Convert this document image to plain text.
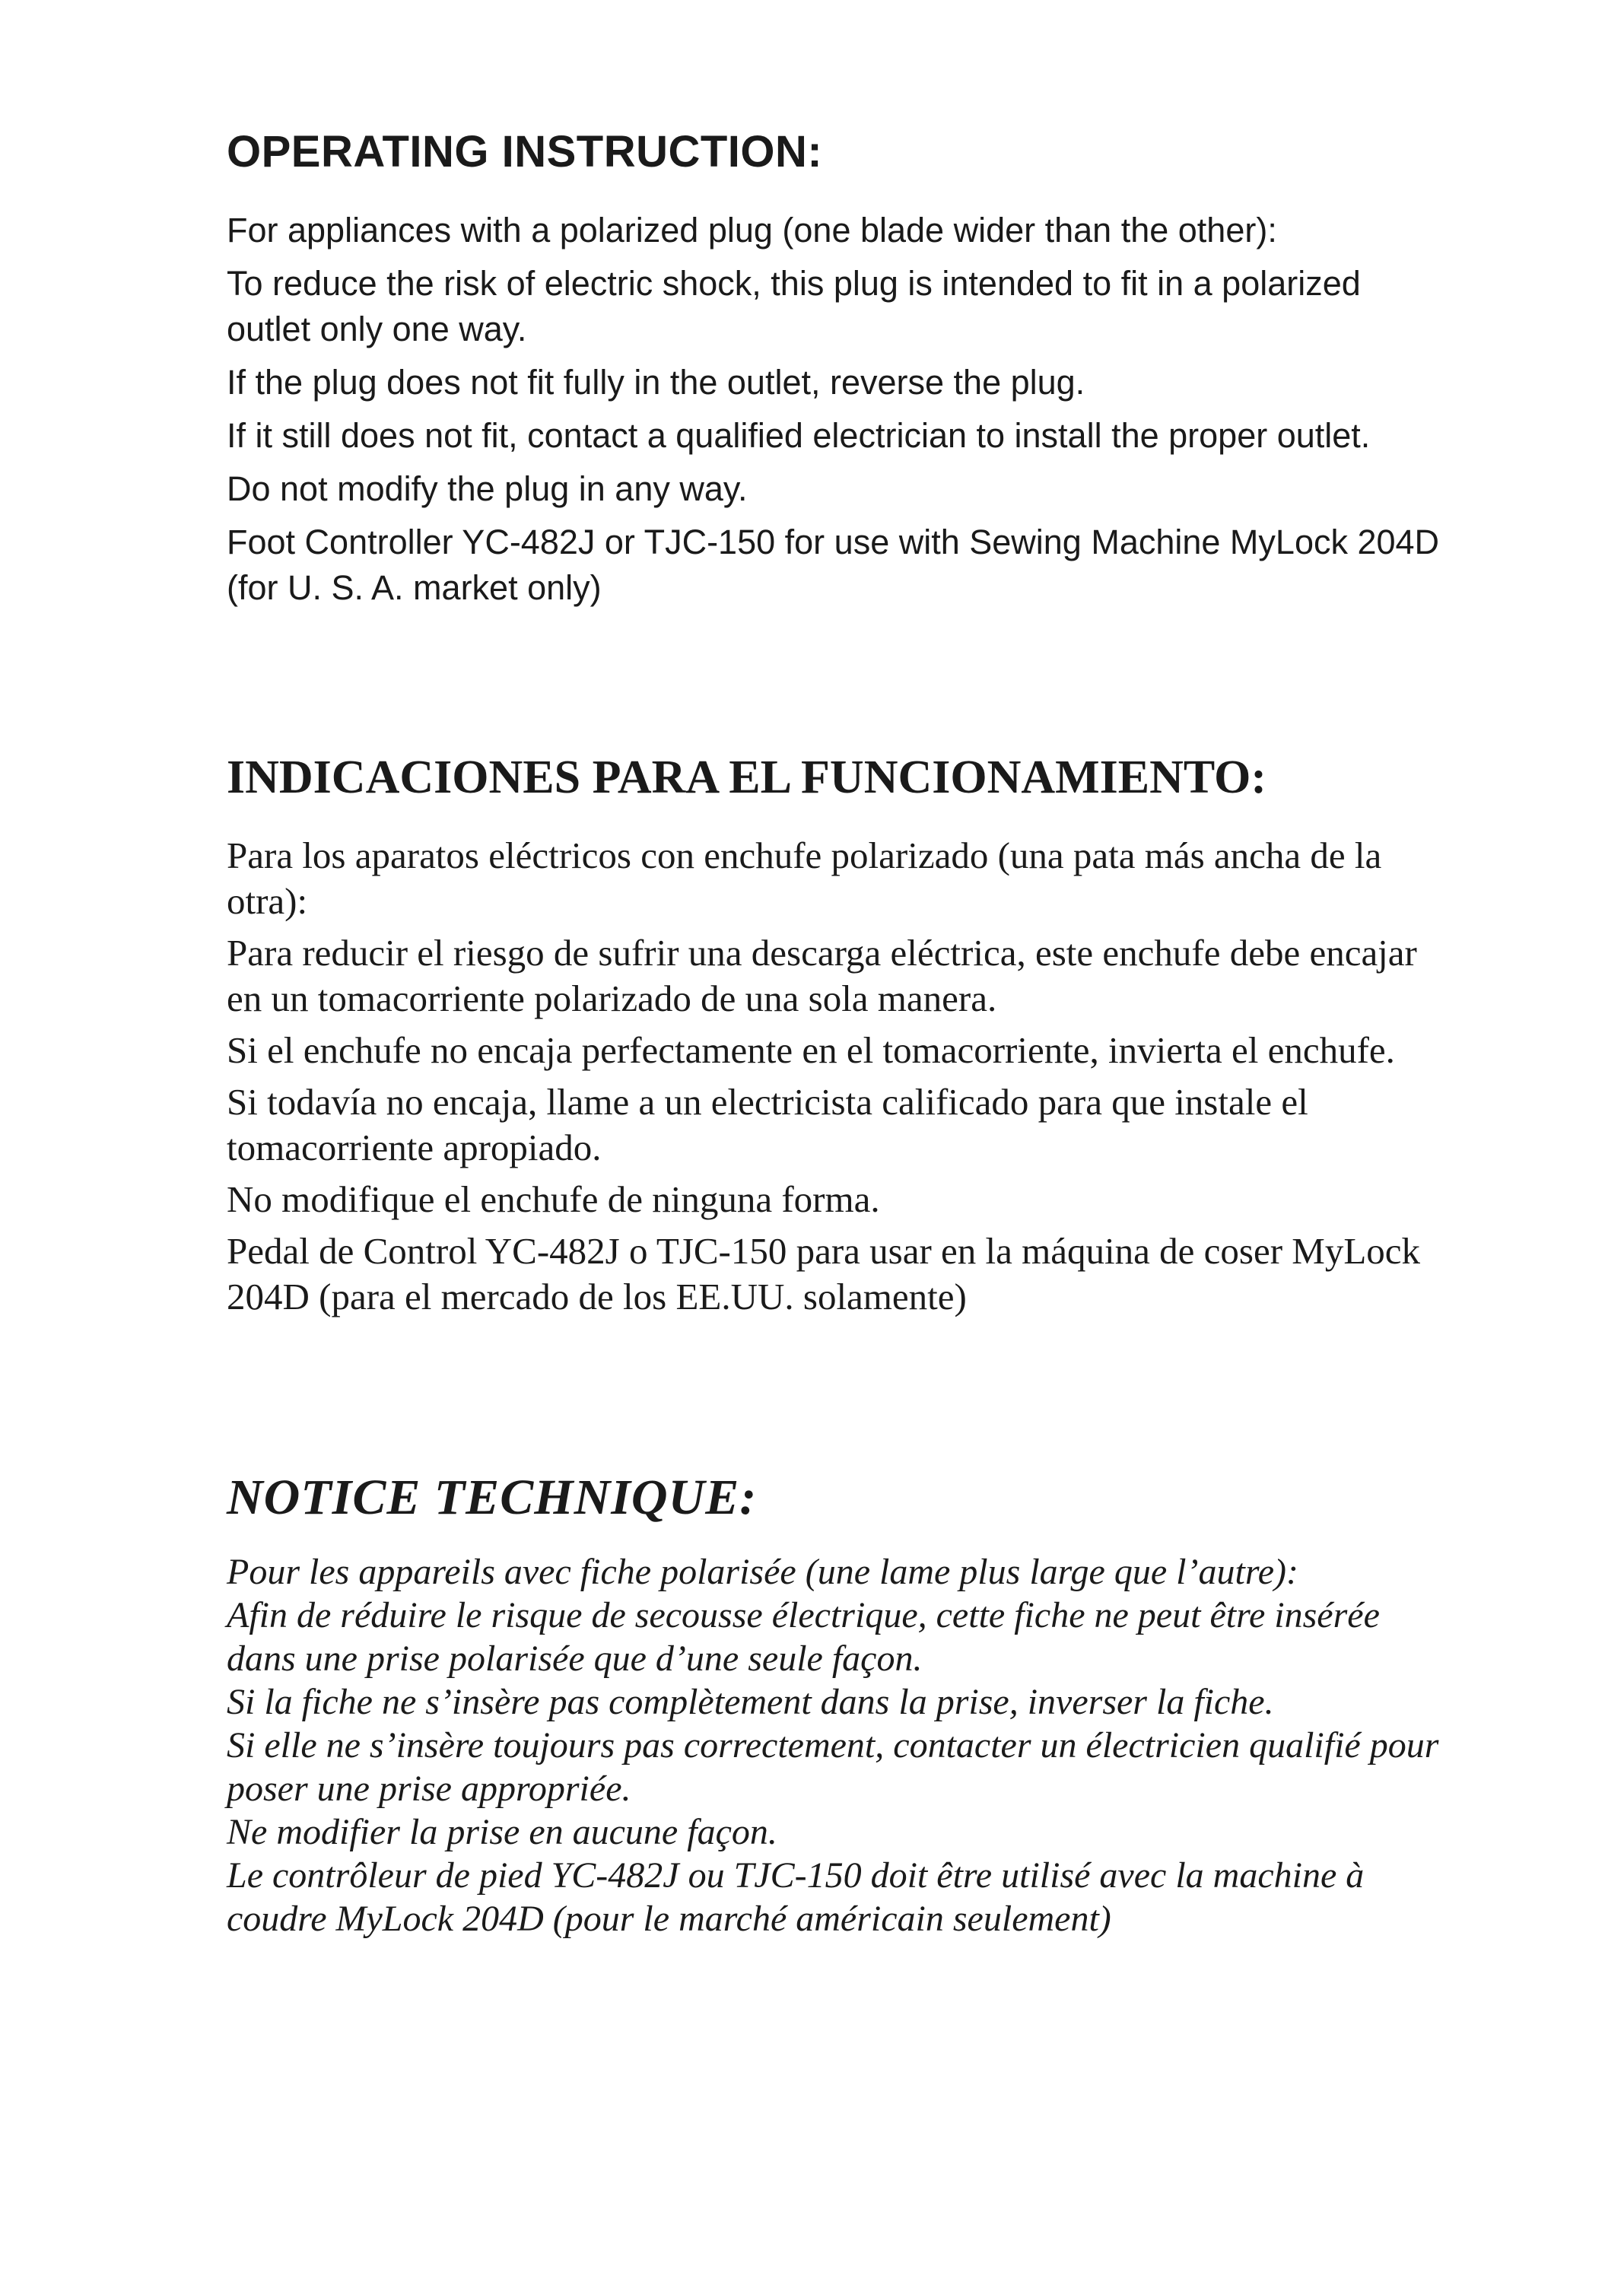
OPERATING INSTRUCTION:

For appliances with a polarized plug (one blade wider than the other):

To reduce the risk of electric shock, this plug is intended to fit in a polarized outlet only one way.

If the plug does not fit fully in the outlet, reverse the plug.

If it still does not fit, contact a qualified electrician to install the proper outlet.

Do not modify the plug in any way.

Foot Controller YC-482J or TJC-150 for use with Sewing Machine MyLock 204D (for U. S. A. market only)

INDICACIONES PARA EL FUNCIONAMIENTO:

Para los aparatos eléctricos con enchufe polarizado (una pata más ancha de la otra):

Para reducir el riesgo de sufrir una descarga eléctrica, este enchufe debe encajar en un tomacorriente polarizado de una sola manera.

Si el enchufe no encaja perfectamente en el tomacorriente, invierta el enchufe.

Si todavía no encaja, llame a un electricista calificado para que instale el tomacorriente apropiado.

No modifique el enchufe de ninguna forma.

Pedal de Control YC-482J o TJC-150 para usar en la máquina de coser MyLock 204D (para el mercado de los EE.UU. solamente)

NOTICE TECHNIQUE:

Pour les appareils avec fiche polarisée (une lame plus large que l’autre):

Afin de réduire le risque de secousse électrique, cette fiche ne peut être insérée dans une prise polarisée que d’une seule façon.

Si la fiche ne s’insère pas complètement dans la prise, inverser la fiche.

Si elle ne s’insère toujours pas correctement, contacter un électricien qualifié pour poser une prise appropriée.

Ne modifier la prise en aucune façon.

Le contrôleur de pied YC-482J ou TJC-150 doit être utilisé avec la machine à coudre MyLock 204D (pour le marché américain seulement)
